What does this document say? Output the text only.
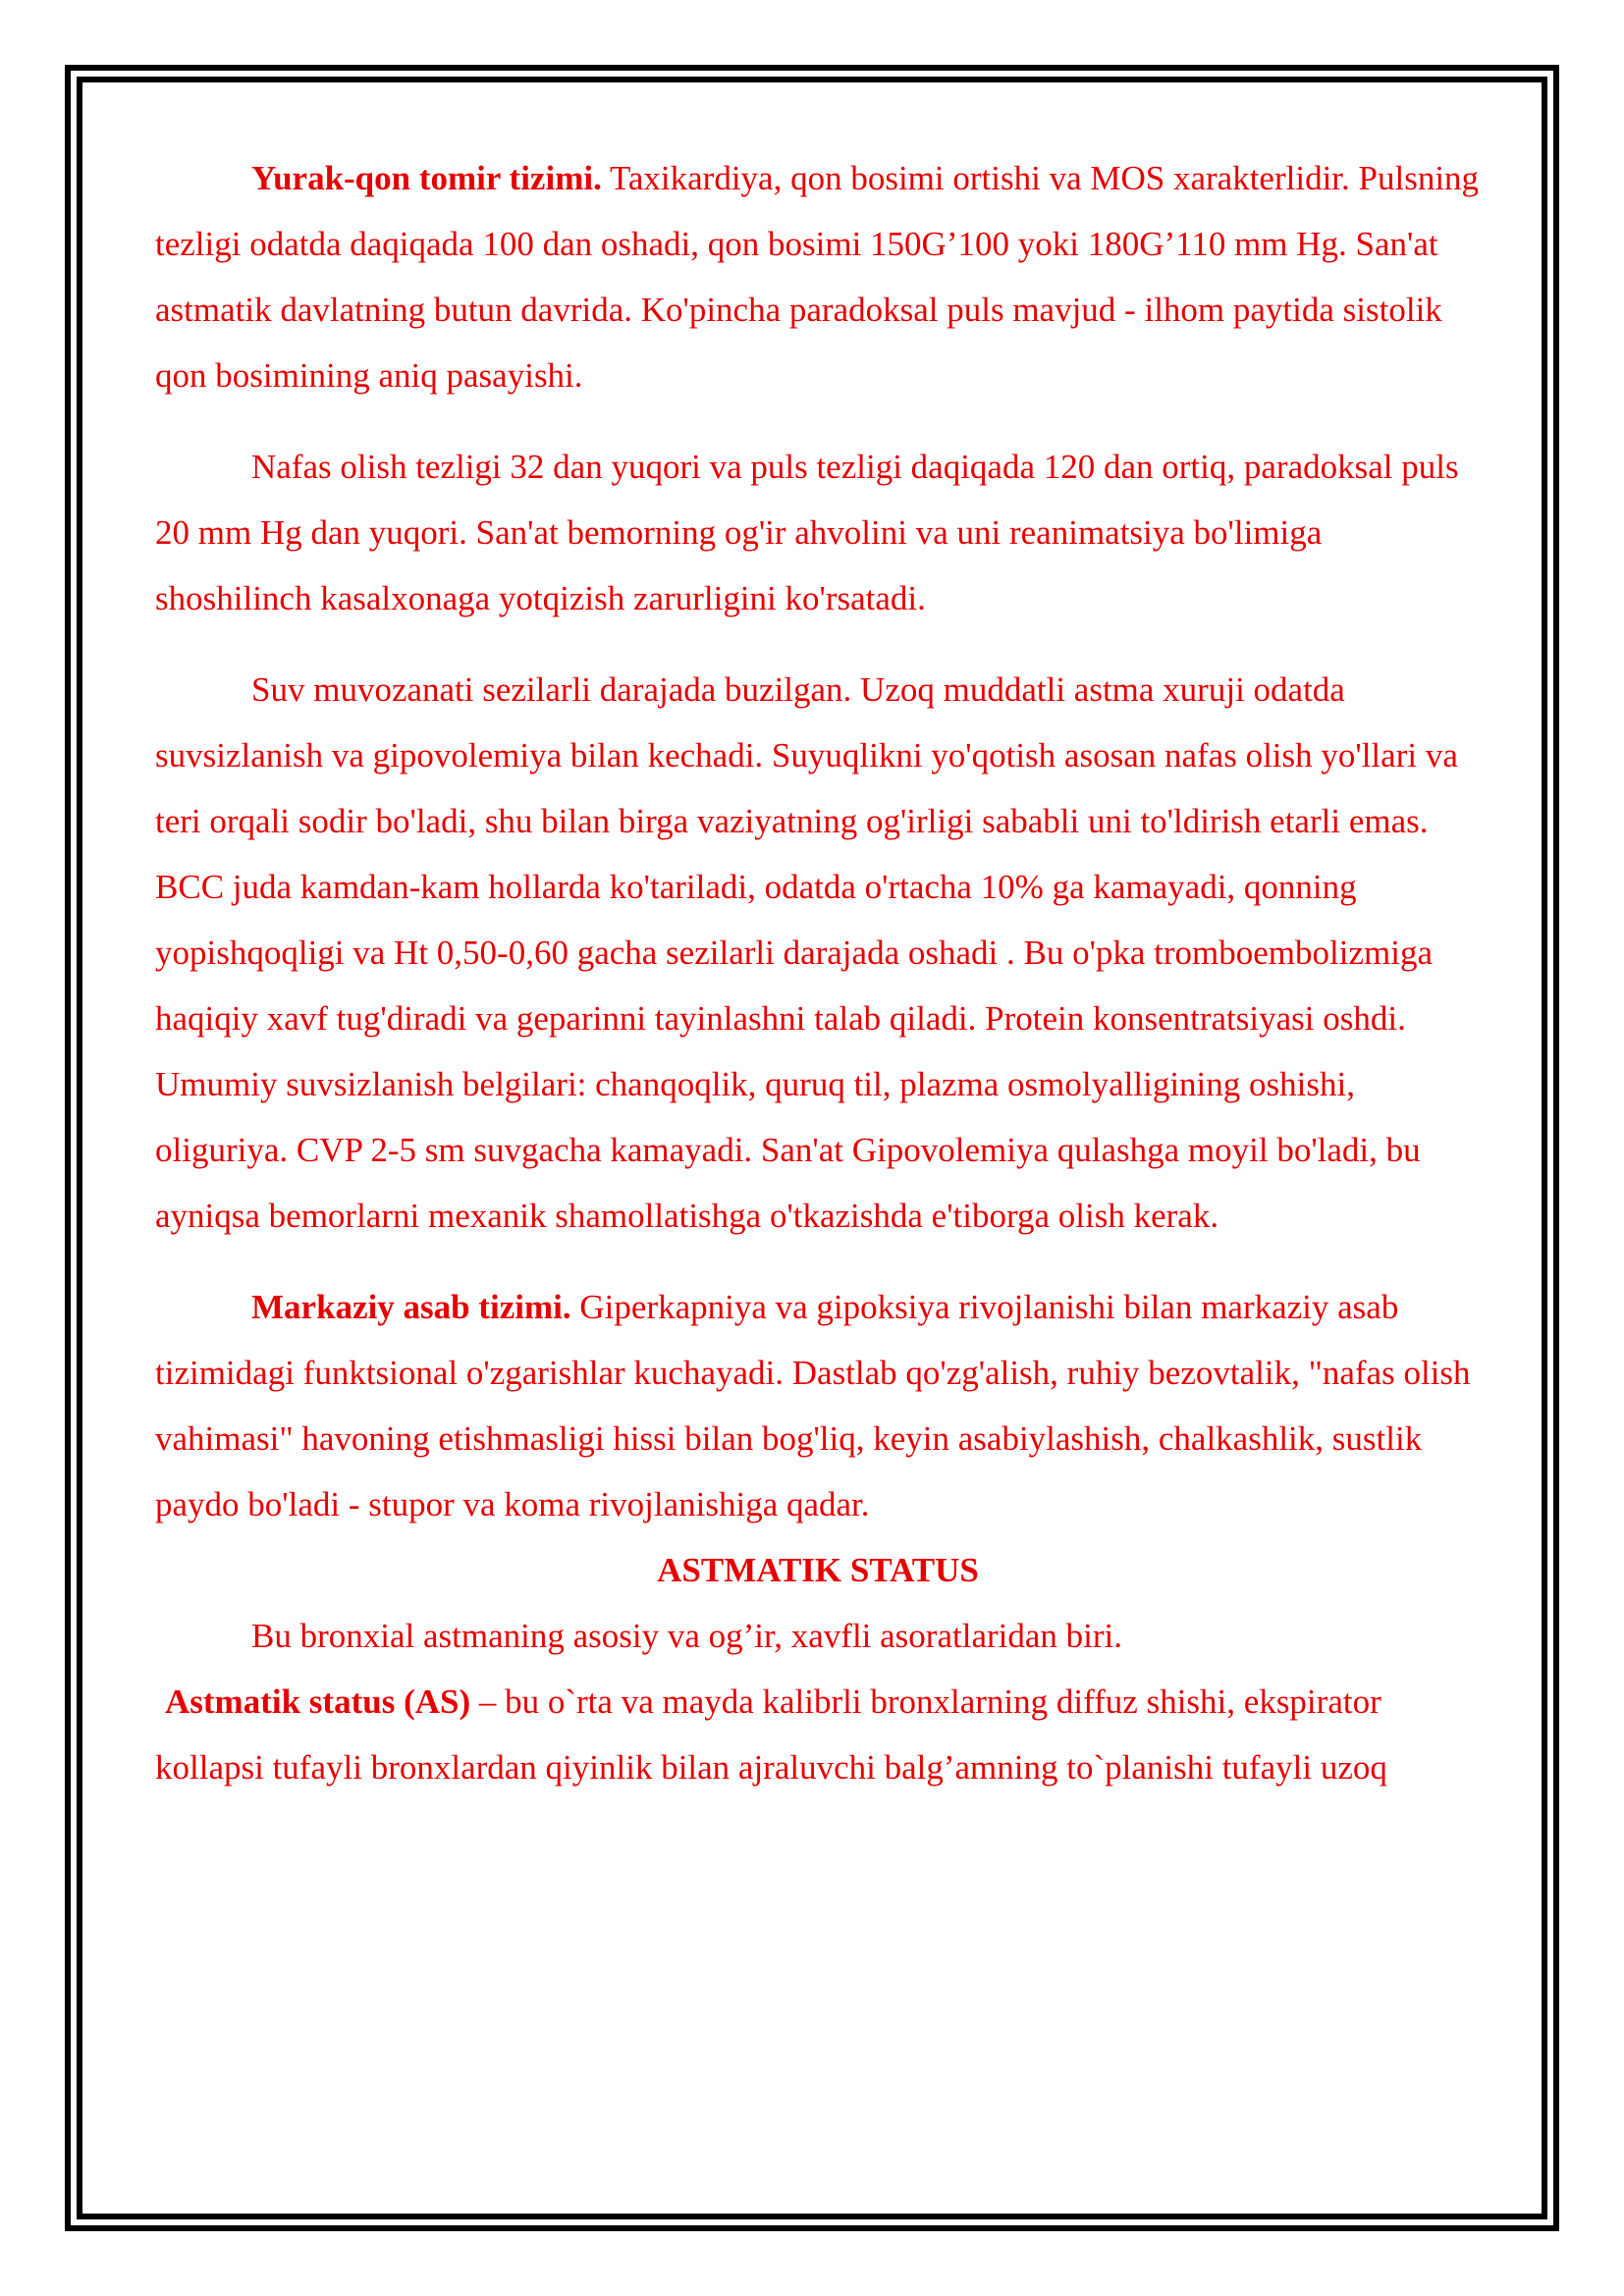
Yurak-qon tomir tizimi. Taxikardiya, qon bosimi ortishi va MOS xarakterlidir. Pulsning tezligi odatda daqiqada 100 dan oshadi, qon bosimi 150G’100 yoki 180G’110 mm Hg. San'at astmatik davlatning butun davrida. Ko'pincha paradoksal puls mavjud - ilhom paytida sistolik qon bosimining aniq pasayishi.

Nafas olish tezligi 32 dan yuqori va puls tezligi daqiqada 120 dan ortiq, paradoksal puls 20 mm Hg dan yuqori. San'at bemorning og'ir ahvolini va uni reanimatsiya bo'limiga shoshilinch kasalxonaga yotqizish zarurligini ko'rsatadi.

Suv muvozanati sezilarli darajada buzilgan. Uzoq muddatli astma xuruji odatda suvsizlanish va gipovolemiya bilan kechadi. Suyuqlikni yo'qotish asosan nafas olish yo'llari va teri orqali sodir bo'ladi, shu bilan birga vaziyatning og'irligi sababli uni to'ldirish etarli emas. BCC juda kamdan-kam hollarda ko'tariladi, odatda o'rtacha 10% ga kamayadi, qonning yopishqoqligi va Ht 0,50-0,60 gacha sezilarli darajada oshadi . Bu o'pka tromboembolizmiga haqiqiy xavf tug'diradi va geparinni tayinlashni talab qiladi. Protein konsentratsiyasi oshdi. Umumiy suvsizlanish belgilari: chanqoqlik, quruq til, plazma osmolyalligining oshishi, oliguriya. CVP 2-5 sm suvgacha kamayadi. San'at Gipovolemiya qulashga moyil bo'ladi, bu ayniqsa bemorlarni mexanik shamollatishga o'tkazishda e'tiborga olish kerak.

Markaziy asab tizimi. Giperkapniya va gipoksiya rivojlanishi bilan markaziy asab tizimidagi funktsional o'zgarishlar kuchayadi. Dastlab qo'zg'alish, ruhiy bezovtalik, "nafas olish vahimasi" havoning etishmasligi hissi bilan bog'liq, keyin asabiylashish, chalkashlik, sustlik paydo bo'ladi - stupor va koma rivojlanishiga qadar.

ASTMATIK STATUS

Bu bronxial astmaning asosiy va og’ir, xavfli asoratlaridan biri.

Astmatik status (AS) – bu o`rta va mayda kalibrli bronxlarning diffuz shishi, ekspirator

kollapsi tufayli bronxlardan qiyinlik bilan ajraluvchi balg’amning to`planishi tufayli uzoq
